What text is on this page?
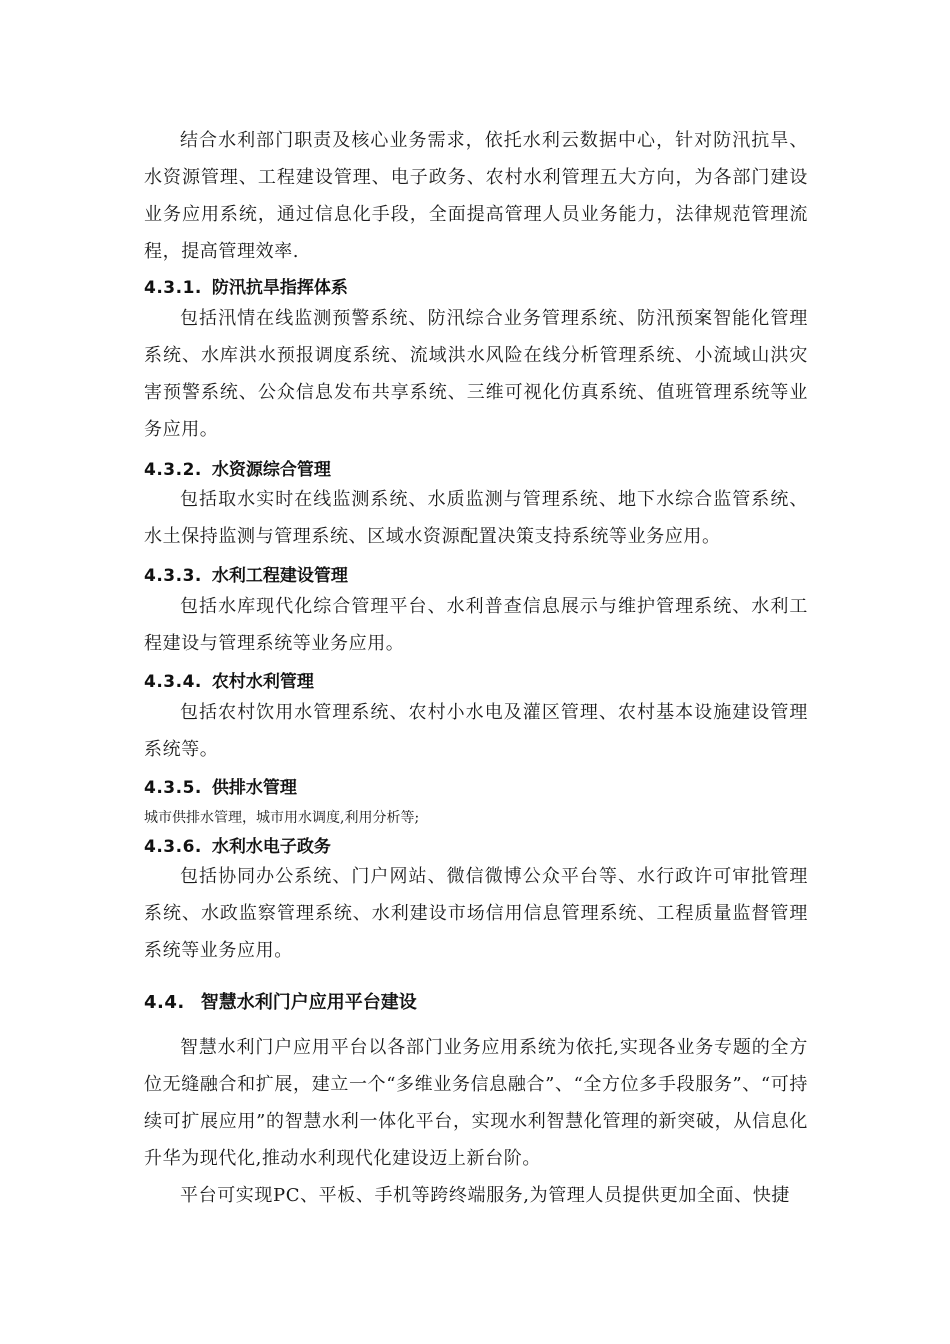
结合水利部门职责及核心业务需求，依托水利云数据中心，针对防汛抗旱、水资源管理、工程建设管理、电子政务、农村水利管理五大方向，为各部门建设业务应用系统，通过信息化手段，全面提高管理人员业务能力，法律规范管理流程，提高管理效率.

4.3.1. 防汛抗旱指挥体系

包括汛情在线监测预警系统、防汛综合业务管理系统、防汛预案智能化管理系统、水库洪水预报调度系统、流域洪水风险在线分析管理系统、小流域山洪灾害预警系统、公众信息发布共享系统、三维可视化仿真系统、值班管理系统等业务应用。

4.3.2. 水资源综合管理

包括取水实时在线监测系统、水质监测与管理系统、地下水综合监管系统、水土保持监测与管理系统、区域水资源配置决策支持系统等业务应用。

4.3.3. 水利工程建设管理

包括水库现代化综合管理平台、水利普查信息展示与维护管理系统、水利工程建设与管理系统等业务应用。

4.3.4. 农村水利管理

包括农村饮用水管理系统、农村小水电及灌区管理、农村基本设施建设管理系统等。

4.3.5. 供排水管理

城市供排水管理，城市用水调度,利用分析等;

4.3.6. 水利水电子政务

包括协同办公系统、门户网站、微信微博公众平台等、水行政许可审批管理系统、水政监察管理系统、水利建设市场信用信息管理系统、工程质量监督管理系统等业务应用。

4.4. 智慧水利门户应用平台建设

智慧水利门户应用平台以各部门业务应用系统为依托,实现各业务专题的全方位无缝融合和扩展，建立一个“多维业务信息融合”、“全方位多手段服务”、“可持续可扩展应用”的智慧水利一体化平台，实现水利智慧化管理的新突破，从信息化升华为现代化,推动水利现代化建设迈上新台阶。

平台可实现PC、平板、手机等跨终端服务,为管理人员提供更加全面、快捷
